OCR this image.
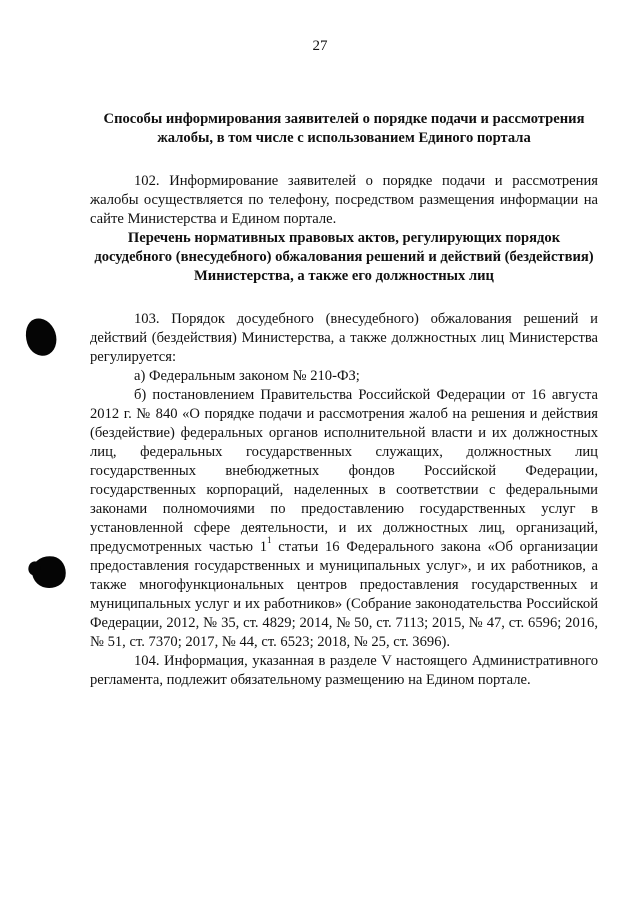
27

Способы информирования заявителей о порядке подачи и рассмотрения жалобы, в том числе с использованием Единого портала

102. Информирование заявителей о порядке подачи и рассмотрения жалобы осуществляется по телефону, посредством размещения информации на сайте Министерства и Едином портале.

Перечень нормативных правовых актов, регулирующих порядок досудебного (внесудебного) обжалования решений и действий (бездействия) Министерства, а также его должностных лиц

103. Порядок досудебного (внесудебного) обжалования решений и действий (бездействия) Министерства, а также должностных лиц Министерства регулируется:

а) Федеральным законом № 210-ФЗ;

б) постановлением Правительства Российской Федерации от 16 августа 2012 г. № 840 «О порядке подачи и рассмотрения жалоб на решения и действия (бездействие) федеральных органов исполнительной власти и их должностных лиц, федеральных государственных служащих, должностных лиц государственных внебюджетных фондов Российской Федерации, государственных корпораций, наделенных в соответствии с федеральными законами полномочиями по предоставлению государственных услуг в установленной сфере деятельности, и их должностных лиц, организаций, предусмотренных частью $1^1$ статьи 16 Федерального закона «Об организации предоставления государственных и муниципальных услуг», и их работников, а также многофункциональных центров предоставления государственных и муниципальных услуг и их работников» (Собрание законодательства Российской Федерации, 2012, № 35, ст. 4829; 2014, № 50, ст. 7113; 2015, № 47, ст. 6596; 2016, № 51, ст. 7370; 2017, № 44, ст. 6523; 2018, № 25, ст. 3696).

104. Информация, указанная в разделе V настоящего Административного регламента, подлежит обязательному размещению на Едином портале.
